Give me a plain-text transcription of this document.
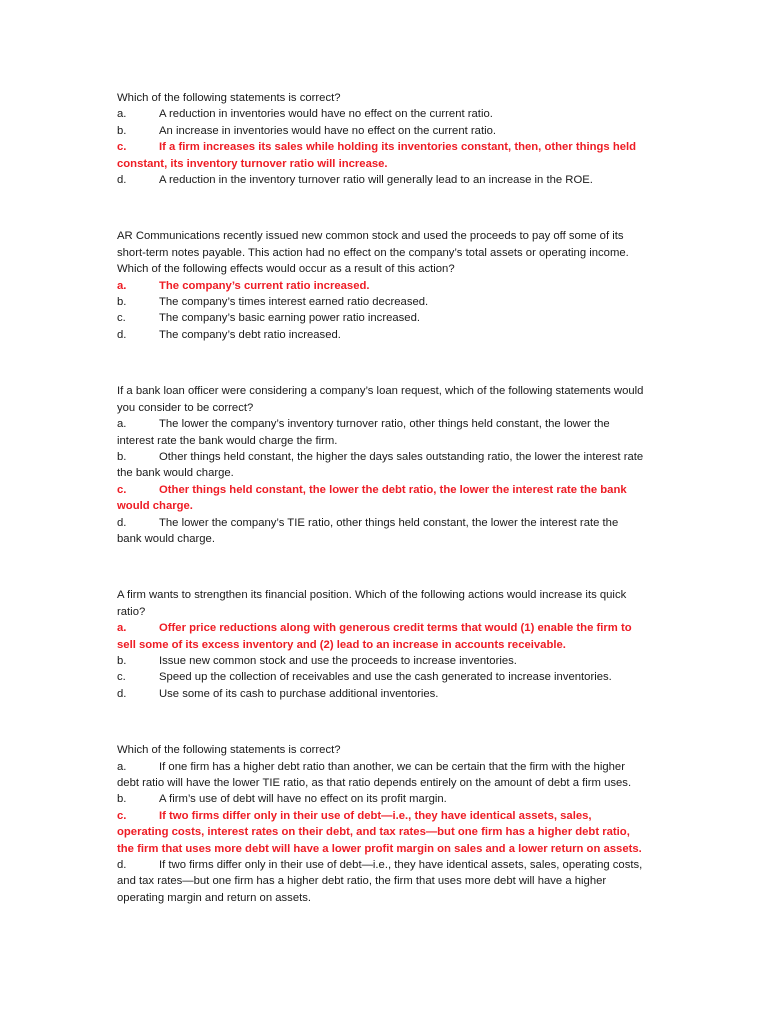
Which of the following statements is correct?

a.	A reduction in inventories would have no effect on the current ratio.

b.	An increase in inventories would have no effect on the current ratio.

c.	If a firm increases its sales while holding its inventories constant, then, other things held constant, its inventory turnover ratio will increase.

d.	A reduction in the inventory turnover ratio will generally lead to an increase in the ROE.

AR Communications recently issued new common stock and used the proceeds to pay off some of its short-term notes payable. This action had no effect on the company’s total assets or operating income. Which of the following effects would occur as a result of this action?

a.	The company’s current ratio increased.

b.	The company’s times interest earned ratio decreased.

c.	The company’s basic earning power ratio increased.

d.	The company’s debt ratio increased.

If a bank loan officer were considering a company’s loan request, which of the following statements would you consider to be correct?

a.	The lower the company’s inventory turnover ratio, other things held constant, the lower the interest rate the bank would charge the firm.

b.	Other things held constant, the higher the days sales outstanding ratio, the lower the interest rate the bank would charge.

c.	Other things held constant, the lower the debt ratio, the lower the interest rate the bank would charge.

d.	The lower the company’s TIE ratio, other things held constant, the lower the interest rate the bank would charge.

A firm wants to strengthen its financial position. Which of the following actions would increase its quick ratio?

a.	Offer price reductions along with generous credit terms that would (1) enable the firm to sell some of its excess inventory and (2) lead to an increase in accounts receivable.

b.	Issue new common stock and use the proceeds to increase inventories.

c.	Speed up the collection of receivables and use the cash generated to increase inventories.

d.	Use some of its cash to purchase additional inventories.

Which of the following statements is correct?

a.	If one firm has a higher debt ratio than another, we can be certain that the firm with the higher debt ratio will have the lower TIE ratio, as that ratio depends entirely on the amount of debt a firm uses.

b.	A firm’s use of debt will have no effect on its profit margin.

c.	If two firms differ only in their use of debt—i.e., they have identical assets, sales, operating costs, interest rates on their debt, and tax rates—but one firm has a higher debt ratio, the firm that uses more debt will have a lower profit margin on sales and a lower return on assets.

d.	If two firms differ only in their use of debt—i.e., they have identical assets, sales, operating costs, and tax rates—but one firm has a higher debt ratio, the firm that uses more debt will have a higher operating margin and return on assets.
